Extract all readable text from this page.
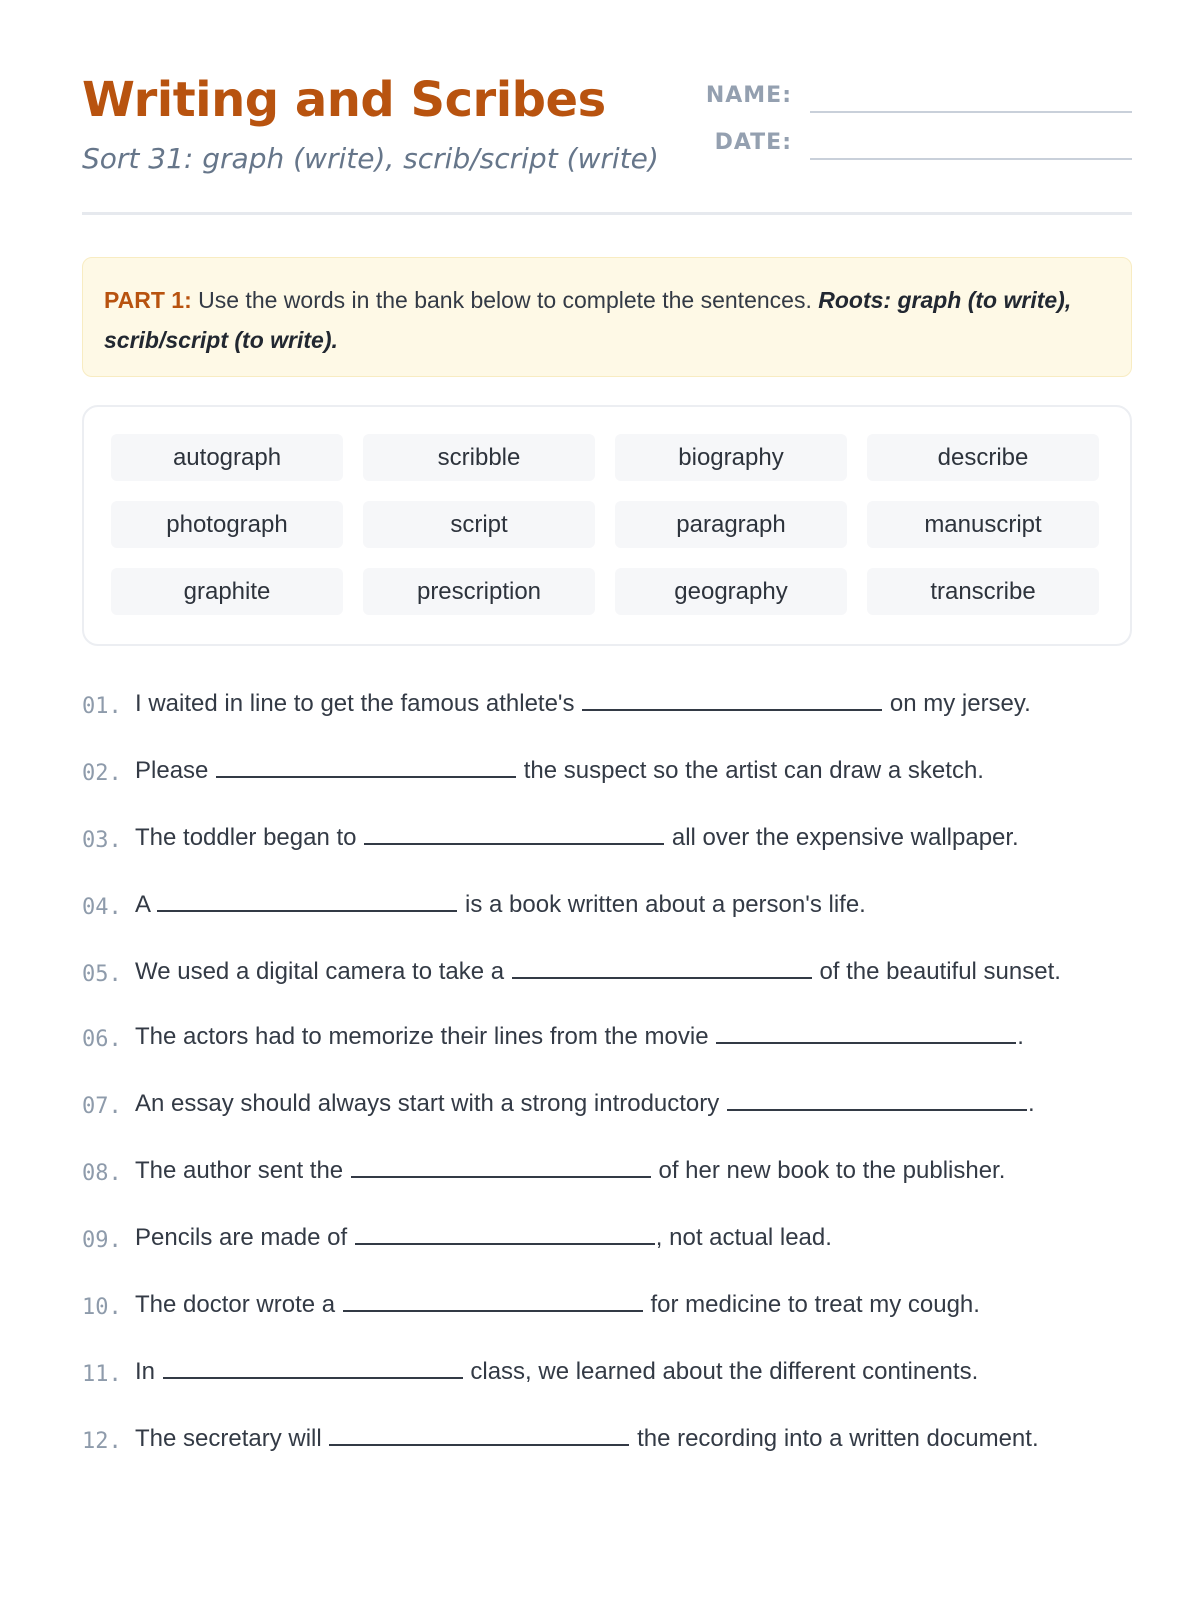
Writing and Scribes
Sort 31: graph (write), scrib/script (write)
NAME:
DATE:
PART 1: Use the words in the bank below to complete the sentences. Roots: graph (to write), scrib/script (to write).
autograph	scribble	biography	describe
photograph	script	paragraph	manuscript
graphite	prescription	geography	transcribe
01. I waited in line to get the famous athlete's	on my jersey.
02. Please	the suspect so the artist can draw a sketch.
03. The toddler began to	all over the expensive wallpaper.
04. A	is a book written about a person's life.
05. We used a digital camera to take a	of the beautiful sunset.
06. The actors had to memorize their lines from the movie	.
07. An essay should always start with a strong introductory	.
08. The author sent the	of her new book to the publisher.
09. Pencils are made of	, not actual lead.
10. The doctor wrote a	for medicine to treat my cough.
11. In	class, we learned about the different continents.
12. The secretary will	the recording into a written document.
